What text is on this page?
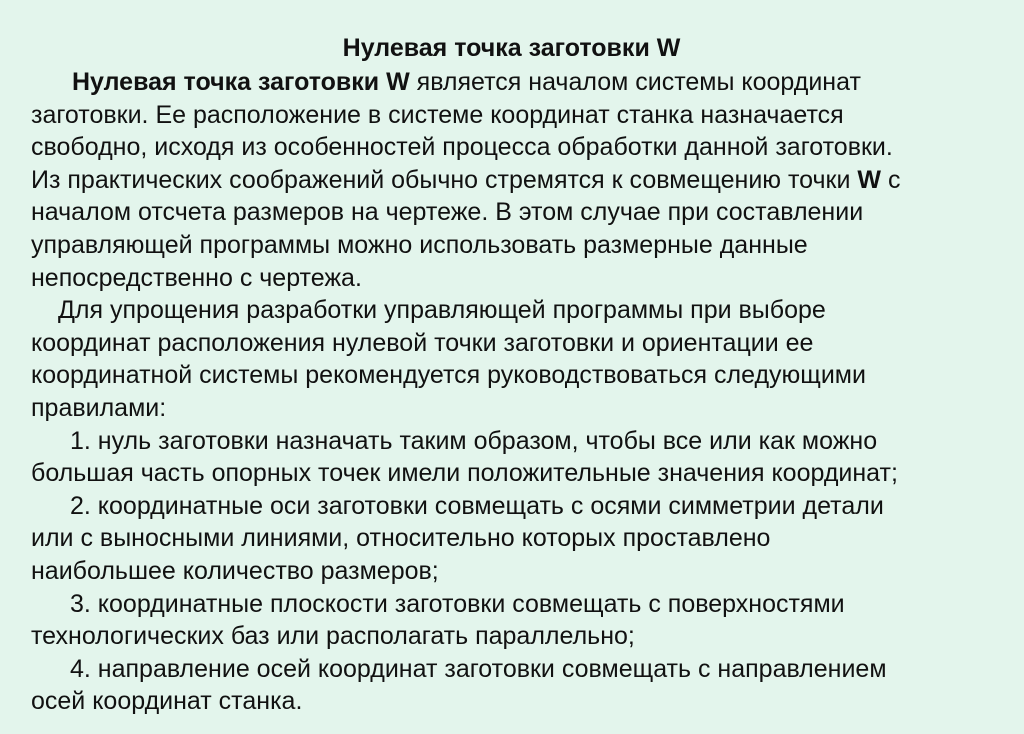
Нулевая точка заготовки W

Нулевая точка заготовки W является началом системы координат
заготовки. Ее расположение в системе координат станка назначается
свободно, исходя из особенностей процесса обработки данной заготовки.
Из практических соображений обычно стремятся к совмещению точки W с
началом отсчета размеров на чертеже. В этом случае при составлении
управляющей программы можно использовать размерные данные
непосредственно с чертежа.

Для упрощения разработки управляющей программы при выборе
координат расположения нулевой точки заготовки и ориентации ее
координатной системы рекомендуется руководствоваться следующими
правилами:

1. нуль заготовки назначать таким образом, чтобы все или как можно
большая часть опорных точек имели положительные значения координат;

2. координатные оси заготовки совмещать с осями симметрии детали
или с выносными линиями, относительно которых проставлено
наибольшее количество размеров;

3. координатные плоскости заготовки совмещать с поверхностями
технологических баз или располагать параллельно;

4. направление осей координат заготовки совмещать с направлением
осей координат станка.
